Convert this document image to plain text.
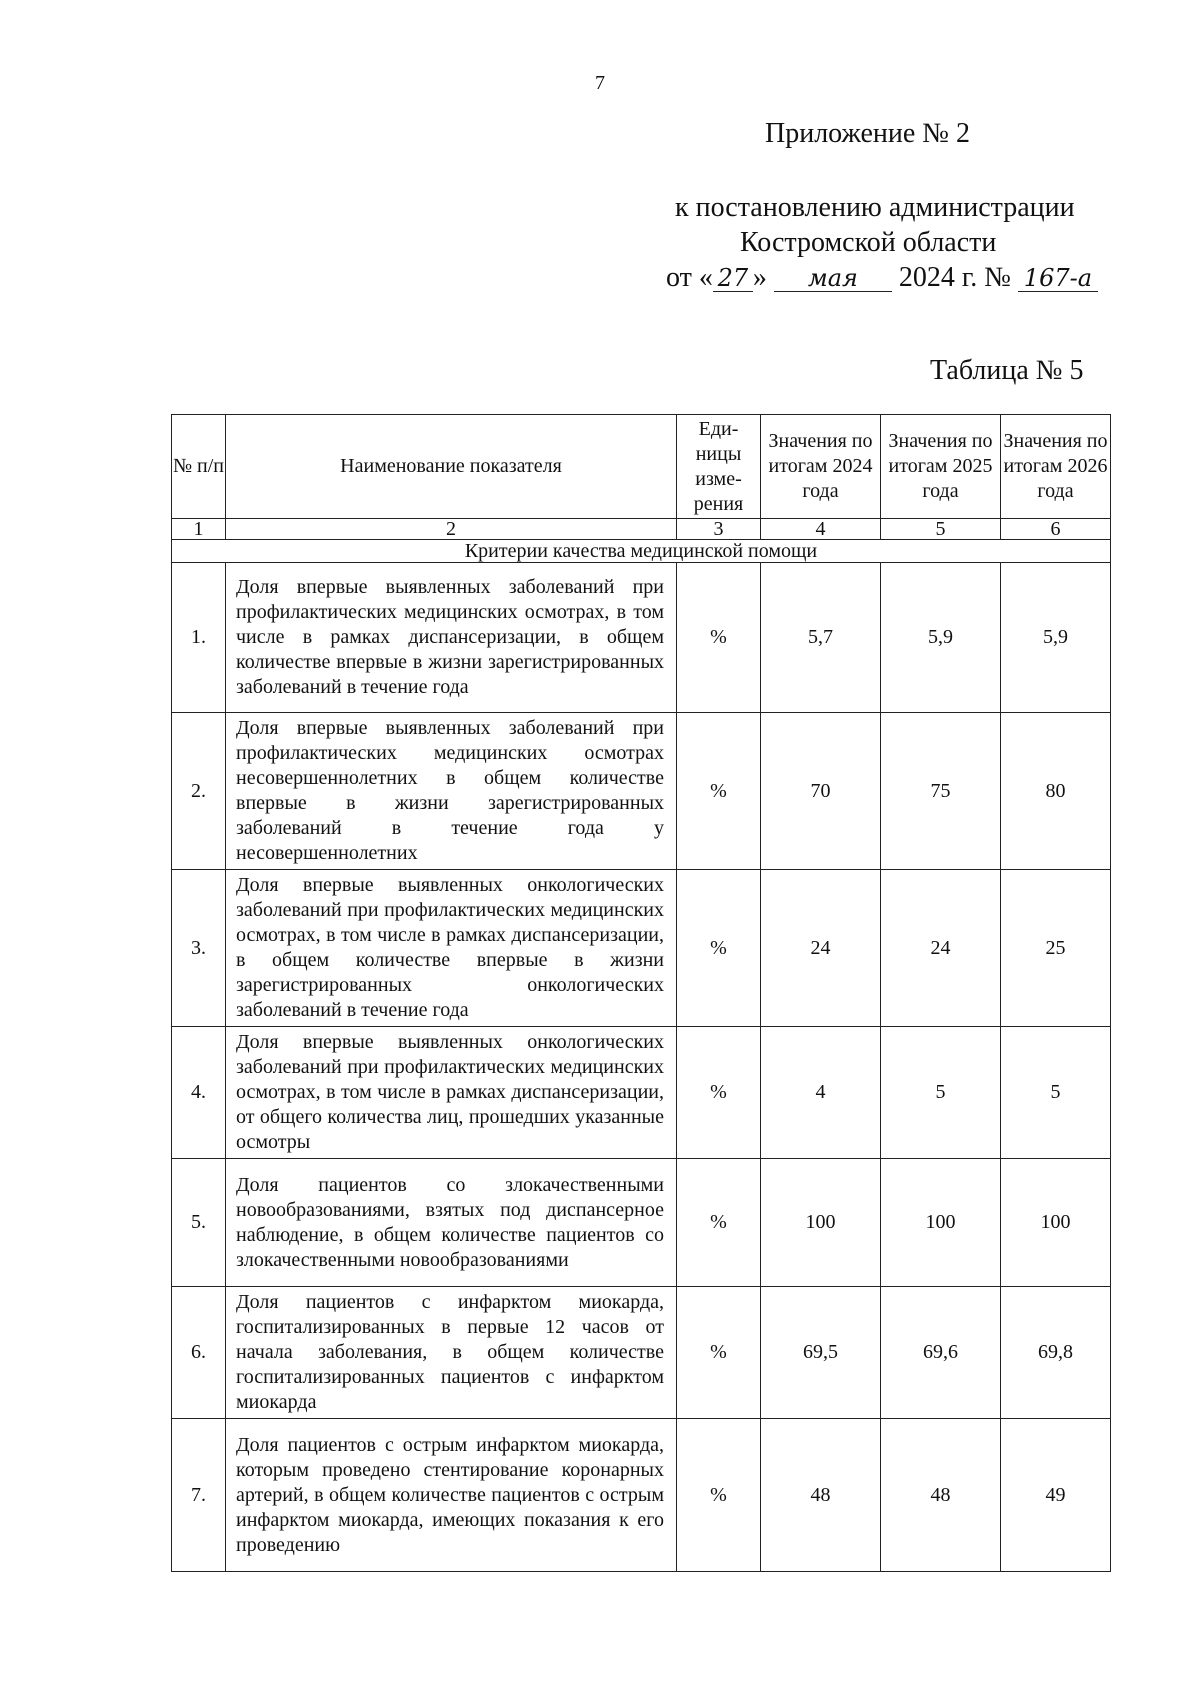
7
Приложение № 2
к постановлению администрации
Костромской области
от « 27 » мая 2024 г. № 167-а
Таблица № 5
№ п/п	Наименование показателя	Еди-ницы изме-рения	Значения по итогам 2024 года	Значения по итогам 2025 года	Значения по итогам 2026 года
1	2	3	4	5	6
Критерии качества медицинской помощи					
1.	Доля впервые выявленных заболеваний при профилактических медицинских осмотрах, в том числе в рамках диспансеризации, в общем количестве впервые в жизни зарегистрированных заболеваний в течение года	%	5,7	5,9	5,9
2.	Доля впервые выявленных заболеваний при профилактических медицинских осмотрах несовершеннолетних в общем количестве впервые в жизни зарегистрированных заболеваний в течение года у несовершеннолетних	%	70	75	80
3.	Доля впервые выявленных онкологических заболеваний при профилактических медицинских осмотрах, в том числе в рамках диспансеризации, в общем количестве впервые в жизни зарегистрированных онкологических заболеваний в течение года	%	24	24	25
4.	Доля впервые выявленных онкологических заболеваний при профилактических медицинских осмотрах, в том числе в рамках диспансеризации, от общего количества лиц, прошедших указанные осмотры	%	4	5	5
5.	Доля пациентов со злокачественными новообразованиями, взятых под диспансерное наблюдение, в общем количестве пациентов со злокачественными новообразованиями	%	100	100	100
6.	Доля пациентов с инфарктом миокарда, госпитализированных в первые 12 часов от начала заболевания, в общем количестве госпитализированных пациентов с инфарктом миокарда	%	69,5	69,6	69,8
7.	Доля пациентов с острым инфарктом миокарда, которым проведено стентирование коронарных артерий, в общем количестве пациентов с острым инфарктом миокарда, имеющих показания к его проведению	%	48	48	49
